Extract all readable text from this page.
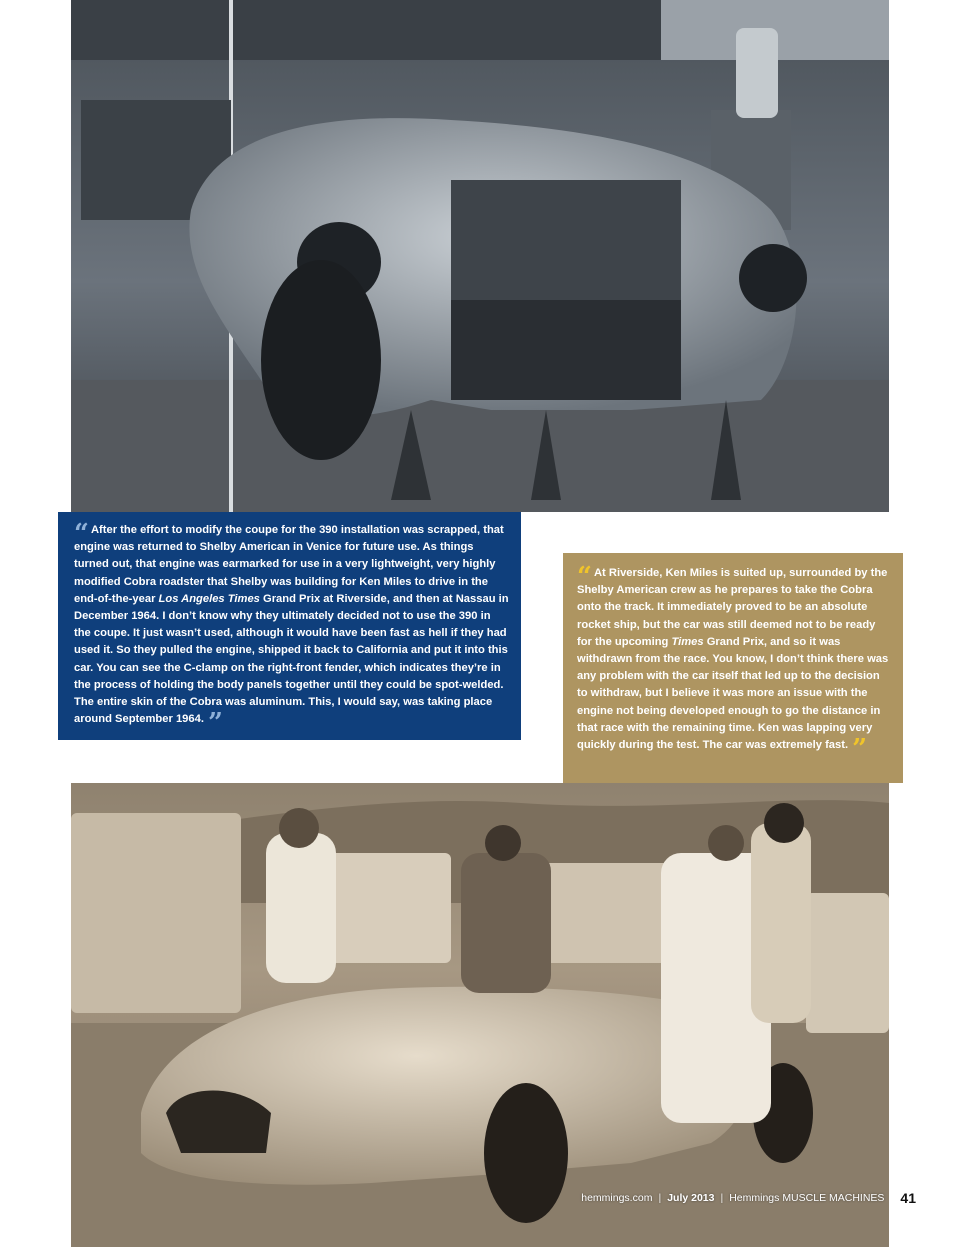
“ After the effort to modify the coupe for the 390 installation was scrapped, that engine was returned to Shelby American in Venice for future use. As things turned out, that engine was earmarked for use in a very lightweight, very highly modified Cobra roadster that Shelby was building for Ken Miles to drive in the end-of-the-year Los Angeles Times Grand Prix at Riverside, and then at Nassau in December 1964. I don’t know why they ultimately decided not to use the 390 in the coupe. It just wasn’t used, although it would have been fast as hell if they had used it. So they pulled the engine, shipped it back to California and put it into this car. You can see the C-clamp on the right-front fender, which indicates they’re in the process of holding the body panels together until they could be spot-welded. The entire skin of the Cobra was aluminum. This, I would say, was taking place around September 1964. ”

“ At Riverside, Ken Miles is suited up, surrounded by the Shelby American crew as he prepares to take the Cobra onto the track. It immediately proved to be an absolute rocket ship, but the car was still deemed not to be ready for the upcoming Times Grand Prix, and so it was withdrawn from the race. You know, I don’t think there was any problem with the car itself that led up to the decision to withdraw, but I believe it was more an issue with the engine not being developed enough to go the distance in that race with the remaining time. Ken was lapping very quickly during the test. The car was extremely fast. ”

hemmings.com | July 2013 | Hemmings MUSCLE MACHINES 41
